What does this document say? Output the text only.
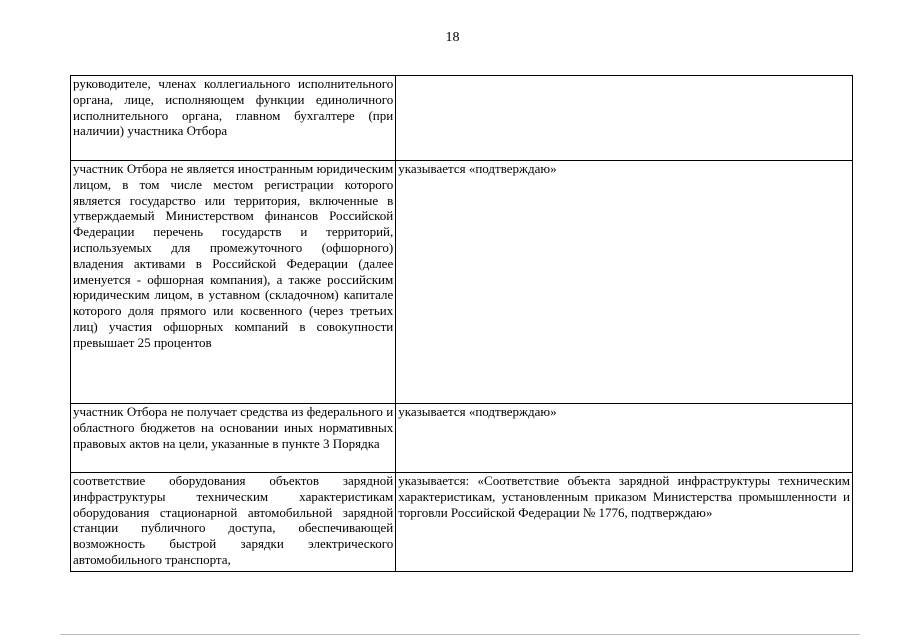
18
руководителе, членах коллегиального исполнительного органа, лице, исполняющем функции единоличного исполнительного органа, главном бухгалтере (при наличии) участника Отбора	
участник Отбора не является иностранным юридическим лицом, в том числе местом регистрации которого является государство или территория, включенные в утверждаемый Министерством финансов Российской Федерации перечень государств и территорий, используемых для промежуточного (офшорного) владения активами в Российской Федерации (далее именуется - офшорная компания), а также российским юридическим лицом, в уставном (складочном) капитале которого доля прямого или косвенного (через третьих лиц) участия офшорных компаний в совокупности превышает 25 процентов	указывается «подтверждаю»
участник Отбора не получает средства из федерального и областного бюджетов на основании иных нормативных правовых актов на цели, указанные в пункте 3 Порядка	указывается «подтверждаю»
соответствие оборудования объектов зарядной инфраструктуры техническим характеристикам оборудования стационарной автомобильной зарядной станции публичного доступа, обеспечивающей возможность быстрой зарядки электрического автомобильного транспорта,	указывается: «Соответствие объекта зарядной инфраструктуры техническим характеристикам, установленным приказом Министерства промышленности и торговли Российской Федерации № 1776, подтверждаю»
